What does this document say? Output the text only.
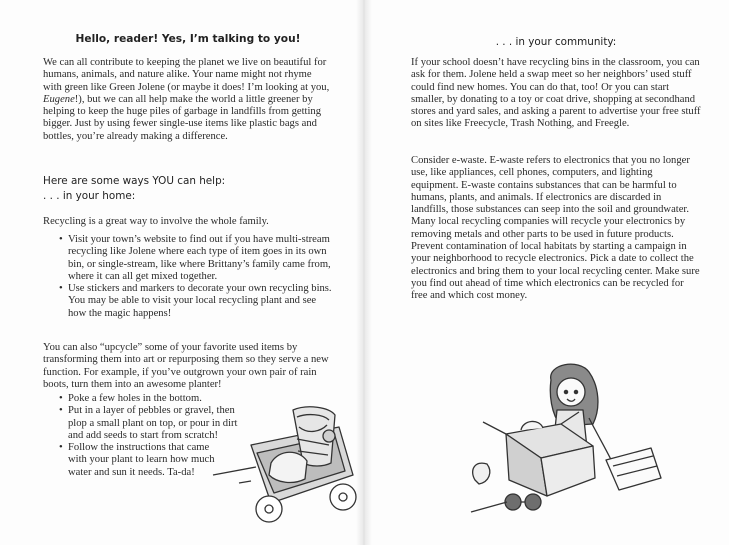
Hello, reader! Yes, I’m talking to you!

We can all contribute to keeping the planet we live on beautiful for humans, animals, and nature alike. Your name might not rhyme with green like Green Jolene (or maybe it does! I’m looking at you, Eugene!), but we can all help make the world a little greener by helping to keep the huge piles of garbage in landfills from getting bigger. Just by using fewer single-use items like plastic bags and bottles, you’re already making a difference.

Here are some ways YOU can help:
. . . in your home:

Recycling is a great way to involve the whole family.

• Visit your town’s website to find out if you have multi-stream recycling like Jolene where each type of item goes in its own bin, or single-stream, like where Brittany’s family came from, where it can all get mixed together.
• Use stickers and markers to decorate your own recycling bins. You may be able to visit your local recycling plant and see how the magic happens!

You can also “upcycle” some of your favorite used items by transforming them into art or repurposing them so they serve a new function. For example, if you’ve outgrown your own pair of rain boots, turn them into an awesome planter!

• Poke a few holes in the bottom.
• Put in a layer of pebbles or gravel, then plop a small plant on top, or pour in dirt and add seeds to start from scratch!
• Follow the instructions that came with your plant to learn how much water and sun it needs. Ta-da!
. . . in your community:

If your school doesn’t have recycling bins in the classroom, you can ask for them. Jolene held a swap meet so her neighbors’ used stuff could find new homes. You can do that, too! Or you can start smaller, by donating to a toy or coat drive, shopping at secondhand stores and yard sales, and asking a parent to advertise your free stuff on sites like Freecycle, Trash Nothing, and Freegle.

Consider e-waste. E-waste refers to electronics that you no longer use, like appliances, cell phones, computers, and lighting equipment. E-waste contains substances that can be harmful to humans, plants, and animals. If electronics are discarded in landfills, those substances can seep into the soil and groundwater. Many local recycling companies will recycle your electronics by removing metals and other parts to be used in future products. Prevent contamination of local habitats by starting a campaign in your neighborhood to recycle electronics. Pick a date to collect the electronics and bring them to your local recycling center. Make sure you find out ahead of time which electronics can be recycled for free and which cost money.
